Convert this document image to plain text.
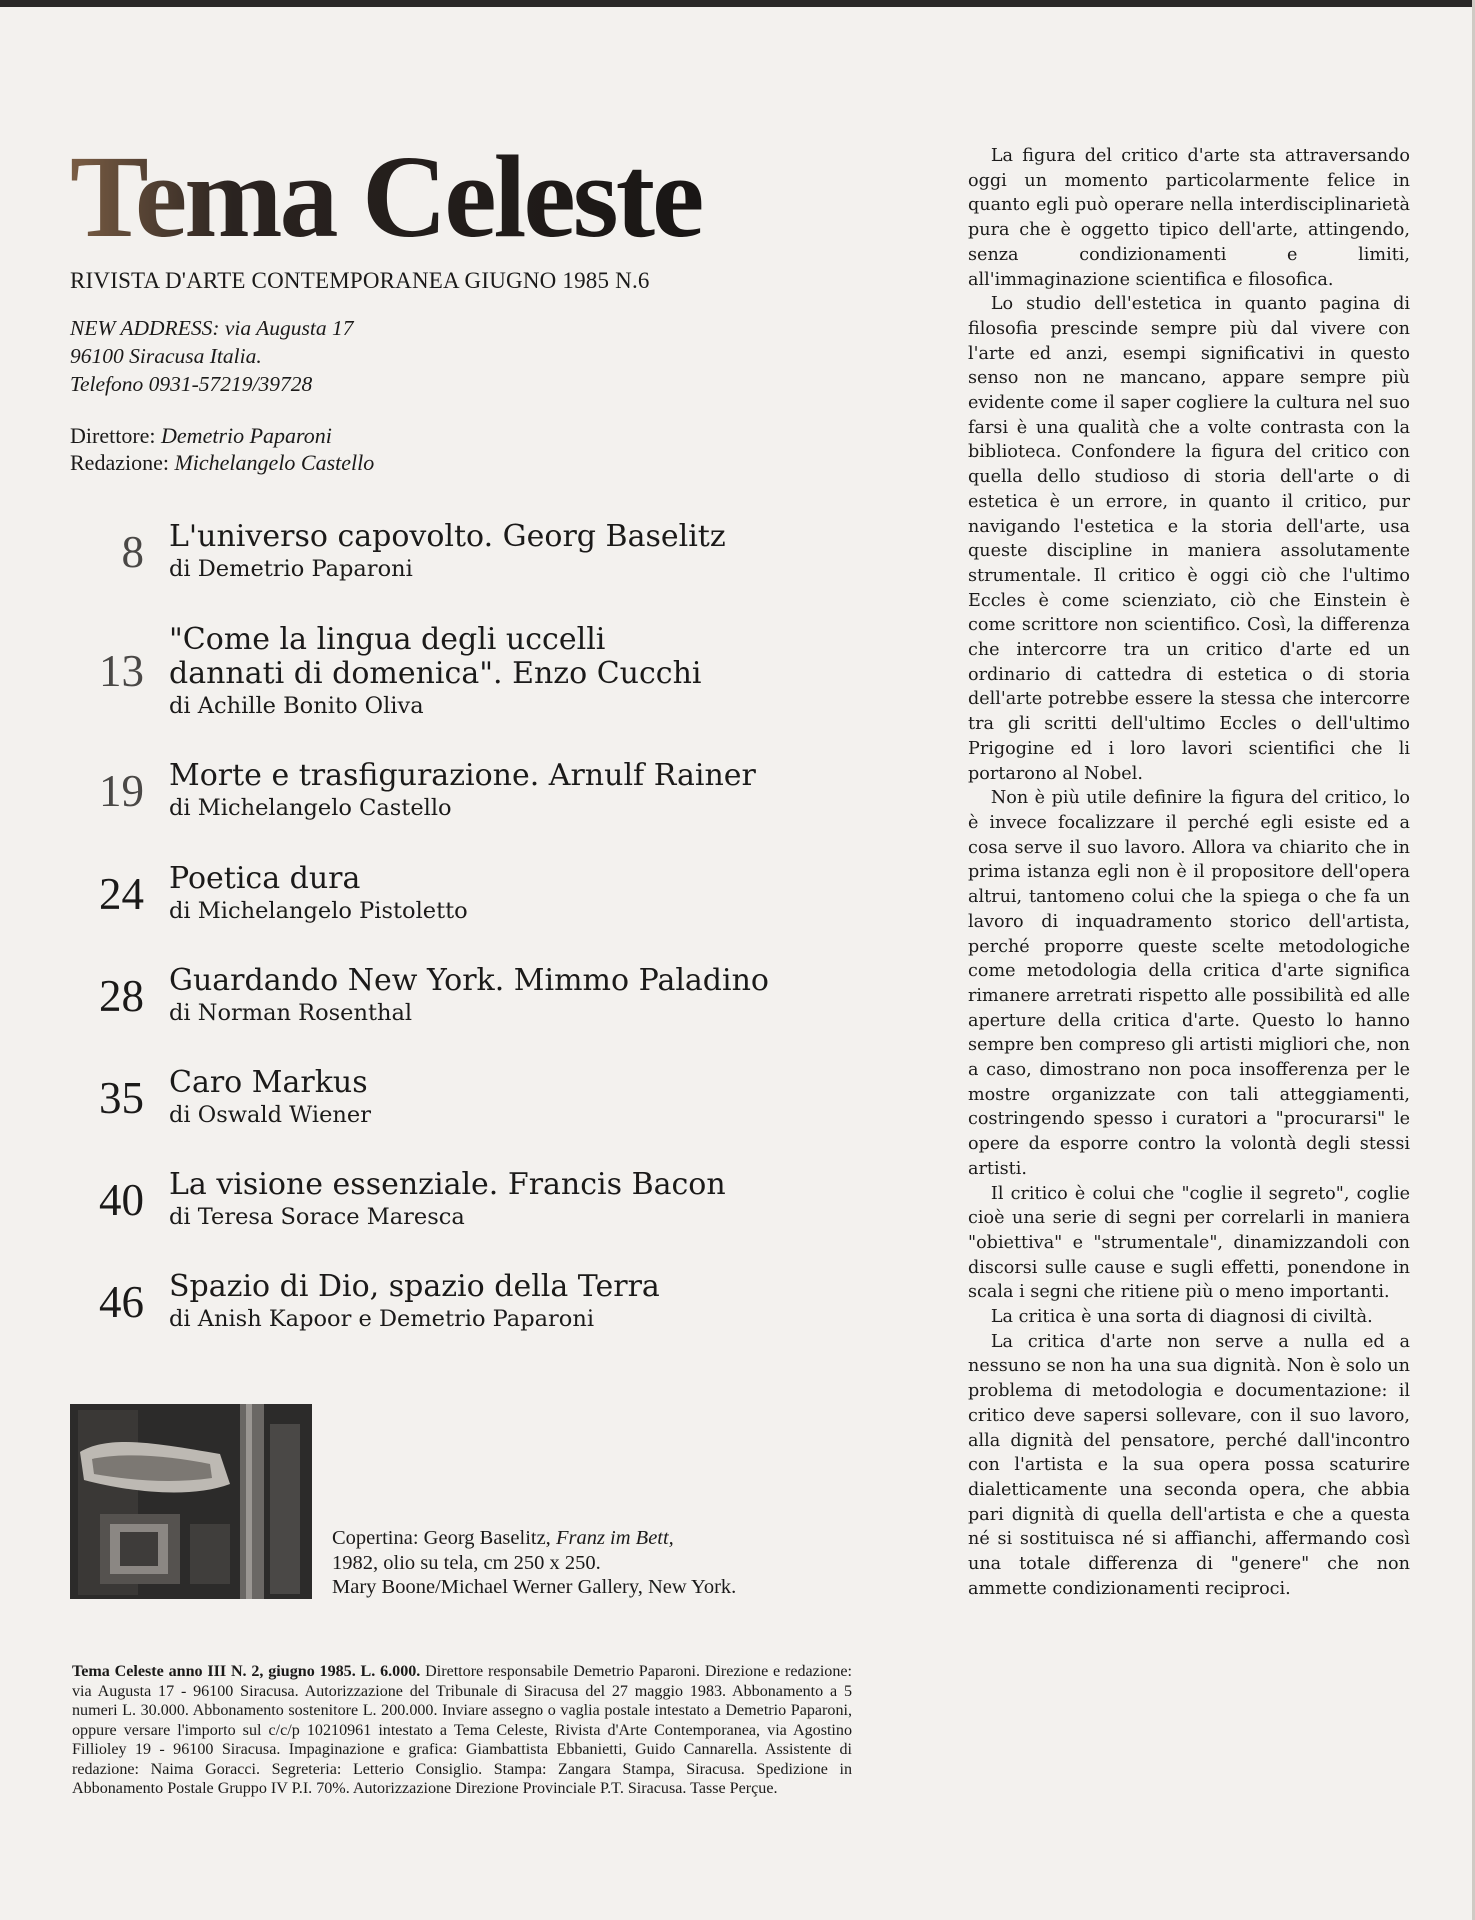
Tema Celeste
RIVISTA D'ARTE CONTEMPORANEA GIUGNO 1985 N.6
NEW ADDRESS: via Augusta 17
96100 Siracusa Italia.
Telefono 0931-57219/39728
Direttore: Demetrio Paparoni
Redazione: Michelangelo Castello
8 L'universo capovolto. Georg Baselitz
di Demetrio Paparoni
13
"Come la lingua degli uccelli
dannati di domenica". Enzo Cucchi
di Achille Bonito Oliva
19 Morte e trasfigurazione. Arnulf Rainer
di Michelangelo Castello
24 Poetica dura
di Michelangelo Pistoletto
28 Guardando New York. Mimmo Paladino
di Norman Rosenthal
35 Caro Markus
di Oswald Wiener
40 La visione essenziale. Francis Bacon
di Teresa Sorace Maresca
46 Spazio di Dio, spazio della Terra
di Anish Kapoor e Demetrio Paparoni
Copertina: Georg Baselitz, Franz im Bett,
1982, olio su tela, cm 250 x 250.
Mary Boone/Michael Werner Gallery, New York.
Tema Celeste anno III N. 2, giugno 1985. L. 6.000. Direttore responsabile Demetrio Paparoni. Direzione e redazione: via Augusta 17 - 96100 Siracusa. Autorizzazione del Tribunale di Siracusa del 27 maggio 1983. Abbonamento a 5 numeri L. 30.000. Abbonamento sostenitore L. 200.000. Inviare assegno o vaglia postale intestato a Demetrio Paparoni, oppure versare l'importo sul c/c/p 10210961 intestato a Tema Celeste, Rivista d'Arte Contemporanea, via Agostino Fillioley 19 - 96100 Siracusa. Impaginazione e grafica: Giambattista Ebbanietti, Guido Cannarella. Assistente di redazione: Naima Goracci. Segreteria: Letterio Consiglio. Stampa: Zangara Stampa, Siracusa. Spedizione in Abbonamento Postale Gruppo IV P.I. 70%. Autorizzazione Direzione Provinciale P.T. Siracusa. Tasse Perçue.

La figura del critico d'arte sta attraversando oggi un momento particolarmente felice in quanto egli può operare nella interdisciplinarietà pura che è oggetto tipico dell'arte, attingendo, senza condizionamenti e limiti, all'immaginazione scientifica e filosofica.

Lo studio dell'estetica in quanto pagina di filosofia prescinde sempre più dal vivere con l'arte ed anzi, esempi significativi in questo senso non ne mancano, appare sempre più evidente come il saper cogliere la cultura nel suo farsi è una qualità che a volte contrasta con la biblioteca. Confondere la figura del critico con quella dello studioso di storia dell'arte o di estetica è un errore, in quanto il critico, pur navigando l'estetica e la storia dell'arte, usa queste discipline in maniera assolutamente strumentale. Il critico è oggi ciò che l'ultimo Eccles è come scienziato, ciò che Einstein è come scrittore non scientifico. Così, la differenza che intercorre tra un critico d'arte ed un ordinario di cattedra di estetica o di storia dell'arte potrebbe essere la stessa che intercorre tra gli scritti dell'ultimo Eccles o dell'ultimo Prigogine ed i loro lavori scientifici che li portarono al Nobel.

Non è più utile definire la figura del critico, lo è invece focalizzare il perché egli esiste ed a cosa serve il suo lavoro. Allora va chiarito che in prima istanza egli non è il propositore dell'opera altrui, tantomeno colui che la spiega o che fa un lavoro di inquadramento storico dell'artista, perché proporre queste scelte metodologiche come metodologia della critica d'arte significa rimanere arretrati rispetto alle possibilità ed alle aperture della critica d'arte. Questo lo hanno sempre ben compreso gli artisti migliori che, non a caso, dimostrano non poca insofferenza per le mostre organizzate con tali atteggiamenti, costringendo spesso i curatori a "procurarsi" le opere da esporre contro la volontà degli stessi artisti.

Il critico è colui che "coglie il segreto", coglie cioè una serie di segni per correlarli in maniera "obiettiva" e "strumentale", dinamizzandoli con discorsi sulle cause e sugli effetti, ponendone in scala i segni che ritiene più o meno importanti.

La critica è una sorta di diagnosi di civiltà.

La critica d'arte non serve a nulla ed a nessuno se non ha una sua dignità. Non è solo un problema di metodologia e documentazione: il critico deve sapersi sollevare, con il suo lavoro, alla dignità del pensatore, perché dall'incontro con l'artista e la sua opera possa scaturire dialetticamente una seconda opera, che abbia pari dignità di quella dell'artista e che a questa né si sostituisca né si affianchi, affermando così una totale differenza di "genere" che non ammette condizionamenti reciproci.
